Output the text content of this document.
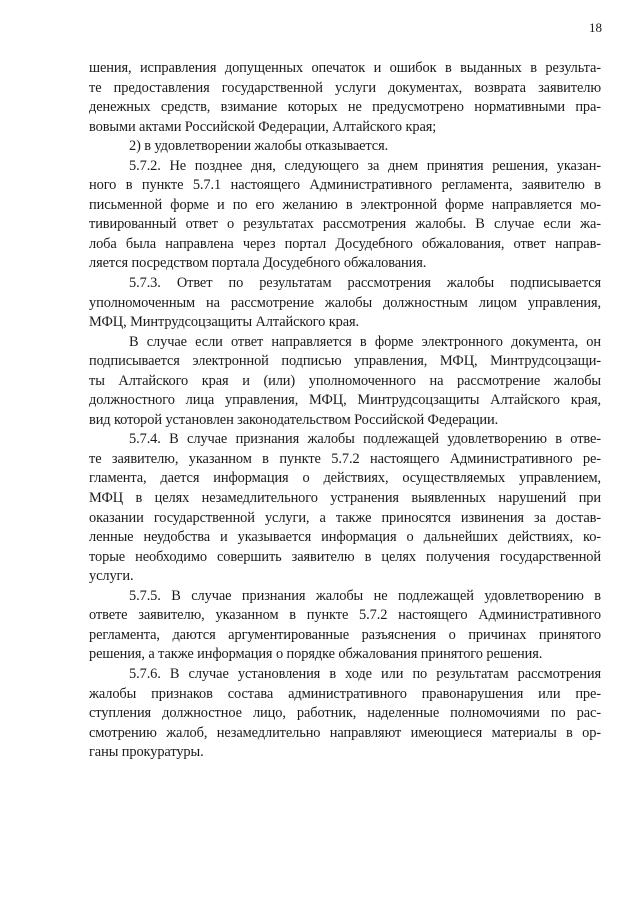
18
шения, исправления допущенных опечаток и ошибок в выданных в результа-
те предоставления государственной услуги документах, возврата заявителю
денежных средств, взимание которых не предусмотрено нормативными пра-
вовыми актами Российской Федерации, Алтайского края;
2) в удовлетворении жалобы отказывается.
5.7.2. Не позднее дня, следующего за днем принятия решения, указан-
ного в пункте 5.7.1 настоящего Административного регламента, заявителю в
письменной форме и по его желанию в электронной форме направляется мо-
тивированный ответ о результатах рассмотрения жалобы. В случае если жа-
лоба была направлена через портал Досудебного обжалования, ответ направ-
ляется посредством портала Досудебного обжалования.
5.7.3. Ответ по результатам рассмотрения жалобы подписывается
уполномоченным на рассмотрение жалобы должностным лицом управления,
МФЦ, Минтрудсоцзащиты Алтайского края.
В случае если ответ направляется в форме электронного документа, он
подписывается электронной подписью управления, МФЦ, Минтрудсоцзащи-
ты Алтайского края и (или) уполномоченного на рассмотрение жалобы
должностного лица управления, МФЦ, Минтрудсоцзащиты Алтайского края,
вид которой установлен законодательством Российской Федерации.
5.7.4. В случае признания жалобы подлежащей удовлетворению в отве-
те заявителю, указанном в пункте 5.7.2 настоящего Административного ре-
гламента, дается информация о действиях, осуществляемых управлением,
МФЦ в целях незамедлительного устранения выявленных нарушений при
оказании государственной услуги, а также приносятся извинения за достав-
ленные неудобства и указывается информация о дальнейших действиях, ко-
торые необходимо совершить заявителю в целях получения государственной
услуги.
5.7.5. В случае признания жалобы не подлежащей удовлетворению в
ответе заявителю, указанном в пункте 5.7.2 настоящего Административного
регламента, даются аргументированные разъяснения о причинах принятого
решения, а также информация о порядке обжалования принятого решения.
5.7.6. В случае установления в ходе или по результатам рассмотрения
жалобы признаков состава административного правонарушения или пре-
ступления должностное лицо, работник, наделенные полномочиями по рас-
смотрению жалоб, незамедлительно направляют имеющиеся материалы в ор-
ганы прокуратуры.
